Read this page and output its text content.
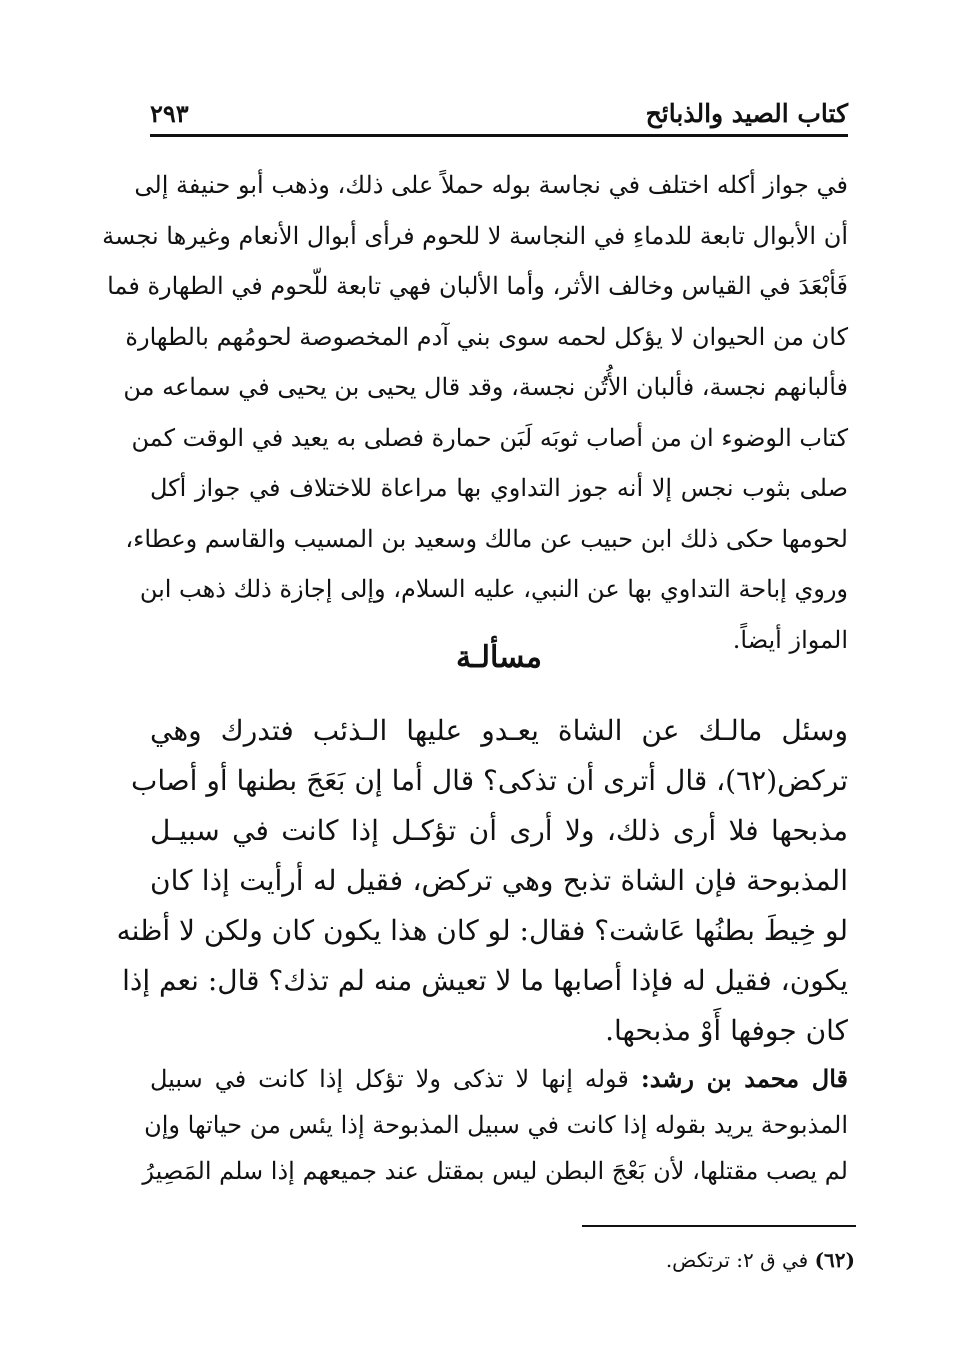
كتاب الصيد والذبائح
٢٩٣
في جواز أكله اختلف في نجاسة بوله حملاً على ذلك، وذهب أبو حنيفة إلى
أن الأبوال تابعة للدماءِ في النجاسة لا للحوم فرأى أبوال الأنعام وغيرها نجسة
فَأبْعَدَ في القياس وخالف الأثر، وأما الألبان فهي تابعة للّحوم في الطهارة فما
كان من الحيوان لا يؤكل لحمه سوى بني آدم المخصوصة لحومُهم بالطهارة
فألبانهم نجسة، فألبان الأُتُن نجسة، وقد قال يحيى بن يحيى في سماعه من
كتاب الوضوء ان من أصاب ثوبَه لَبَن حمارة فصلى به يعيد في الوقت كمن
صلى بثوب نجس إلا أنه جوز التداوي بها مراعاة للاختلاف في جواز أكل
لحومها حكى ذلك ابن حبيب عن مالك وسعيد بن المسيب والقاسم وعطاء،
وروي إباحة التداوي بها عن النبي، عليه السلام، وإلى إجازة ذلك ذهب ابن
المواز أيضاً.
مسألـة
وسئل مالـك عن الشاة يعـدو عليها الـذئب فتدرك وهي
تركض(٦٢)، قال أترى أن تذكى؟ قال أما إن بَعَجَ بطنها أو أصاب
مذبحها فلا أرى ذلك، ولا أرى أن تؤكـل إذا كانت في سبيـل
المذبوحة فإن الشاة تذبح وهي تركض، فقيل له أرأيت إذا كان
لو خِيطَ بطنُها عَاشت؟ فقال: لو كان هذا يكون كان ولكن لا أظنه
يكون، فقيل له فإذا أصابها ما لا تعيش منه لم تذك؟ قال: نعم إذا
كان جوفها أَوْ مذبحها.
قال محمد بن رشد: قوله إنها لا تذكى ولا تؤكل إذا كانت في سبيل
المذبوحة يريد بقوله إذا كانت في سبيل المذبوحة إذا يئس من حياتها وإن
لم يصب مقتلها، لأن بَعْجَ البطن ليس بمقتل عند جميعهم إذا سلم المَصِيرُ
(٦٢) في ق ٢: ترتكض.
